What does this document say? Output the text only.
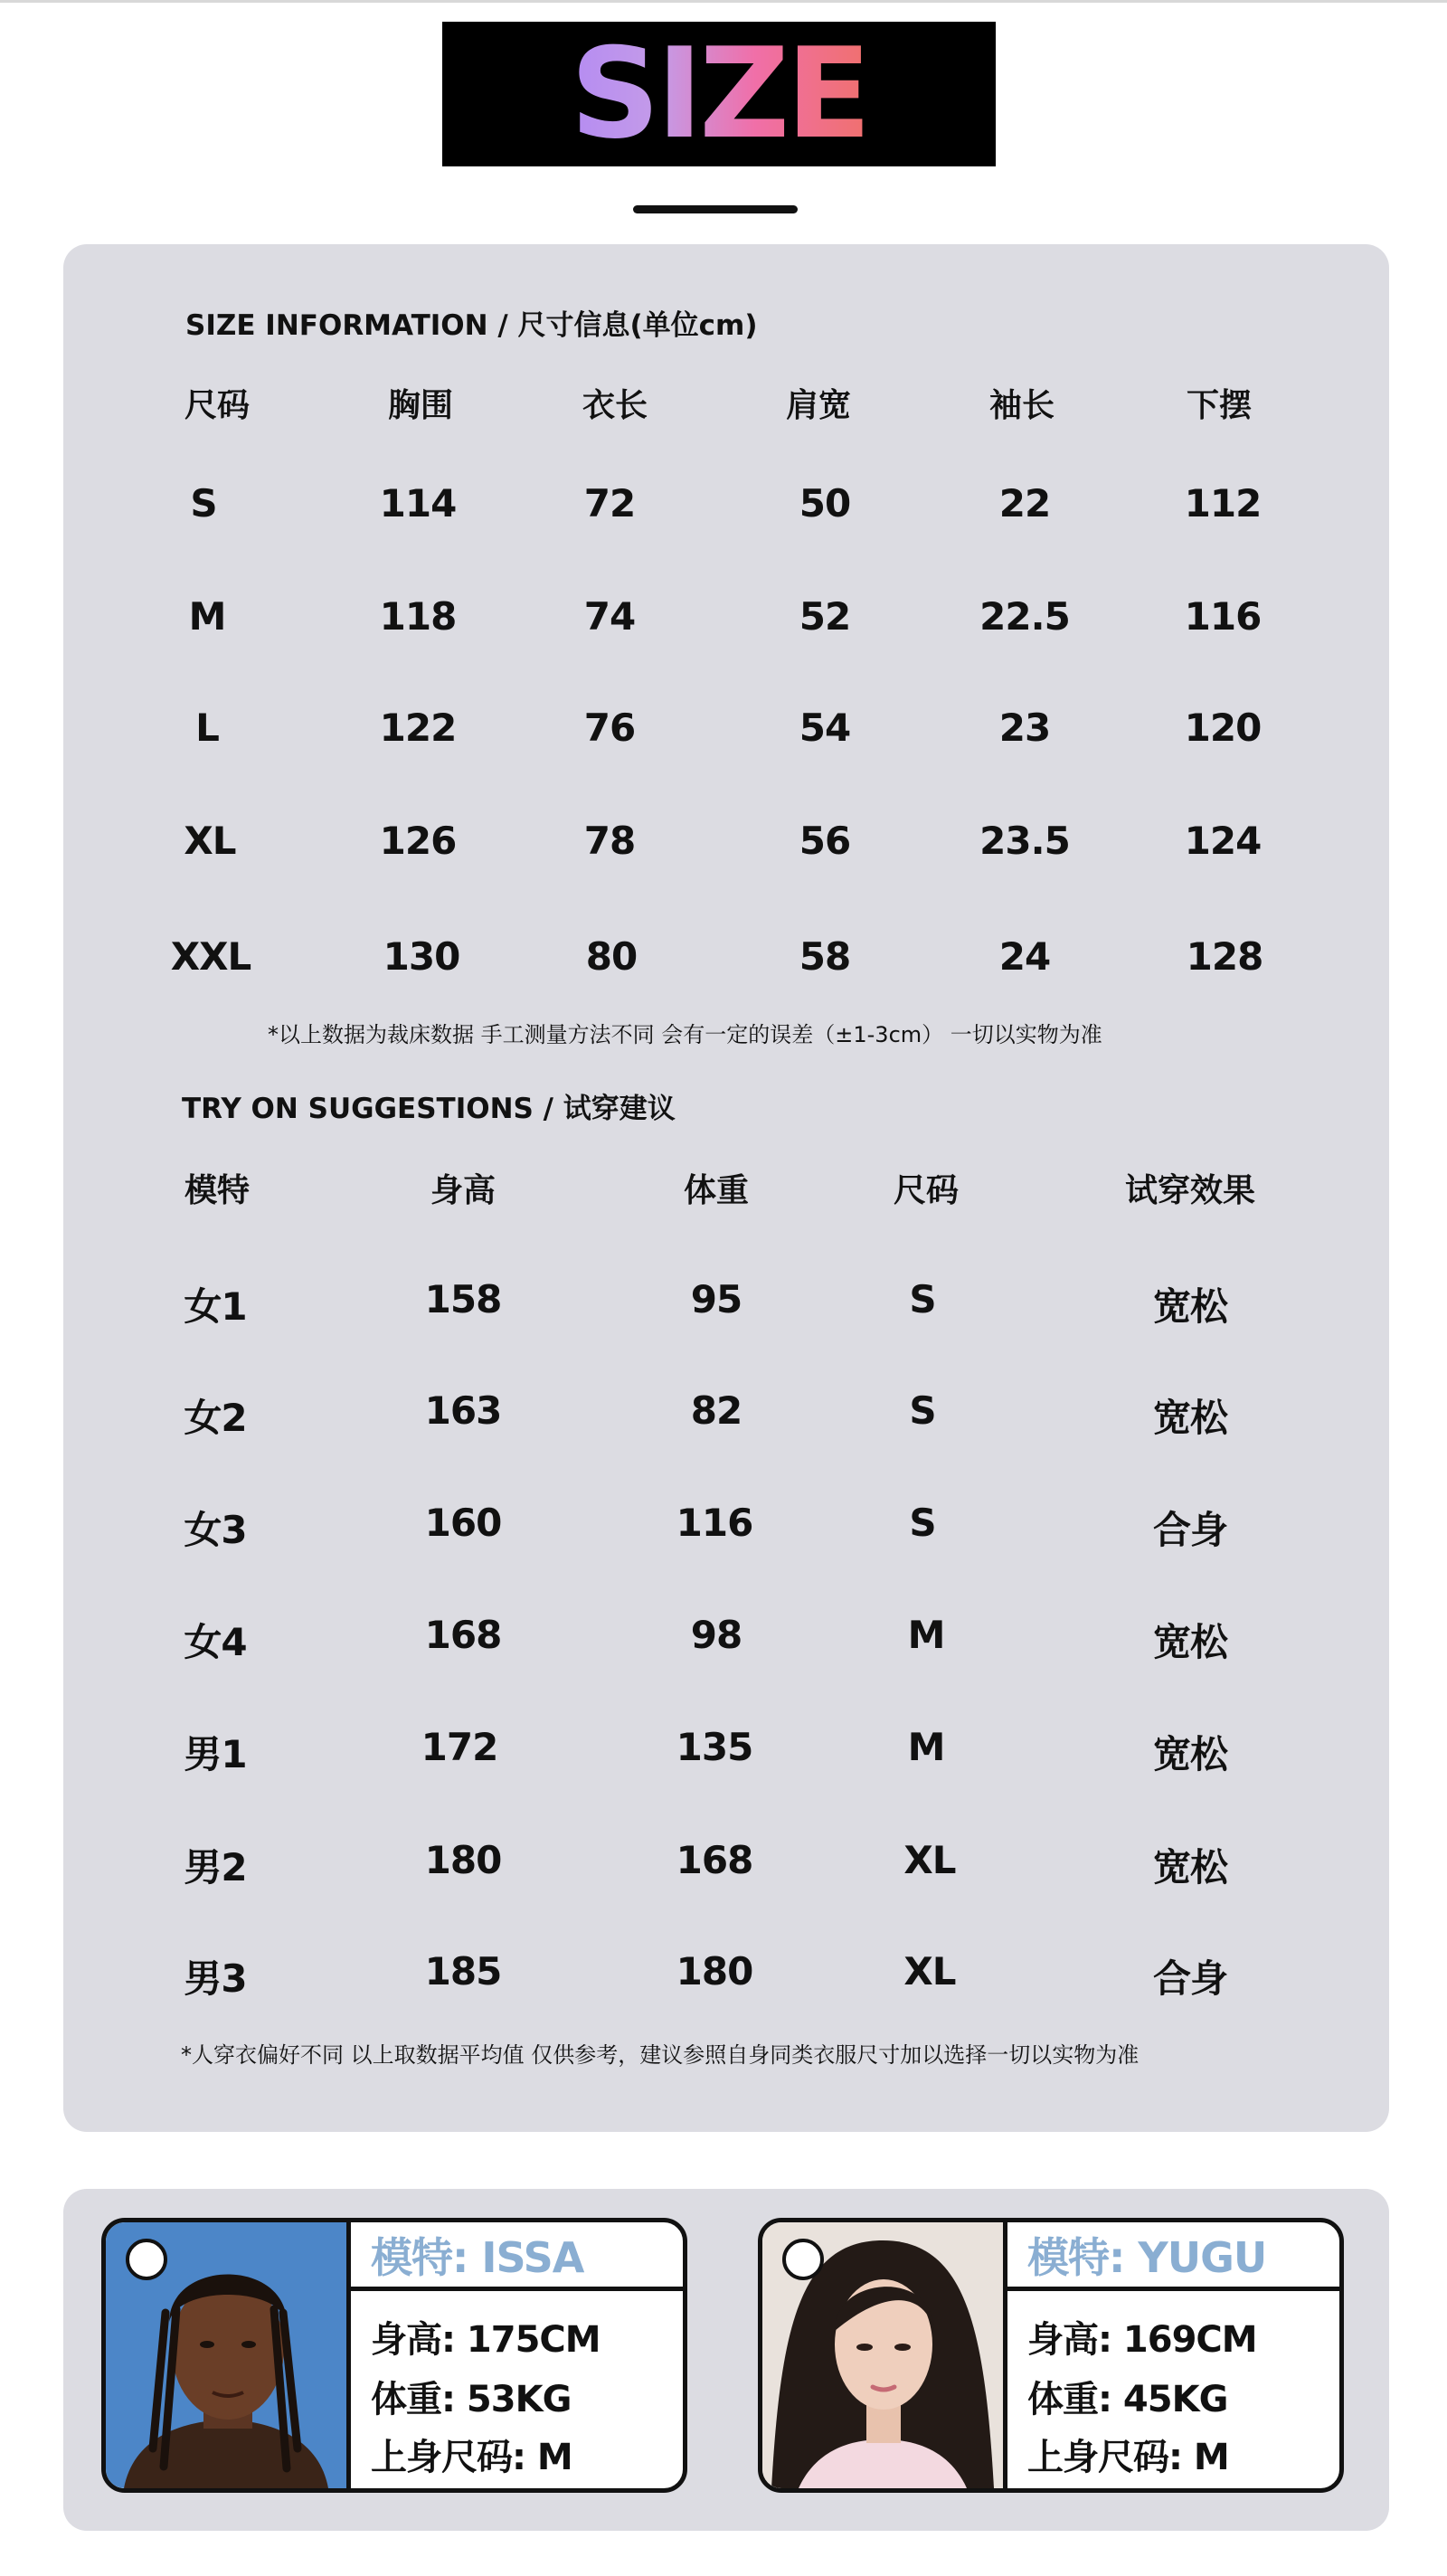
SIZE
SIZE INFORMATION / 尺寸信息(单位cm)
尺码	胸围	衣长	肩宽	袖长	下摆
S	114	72	50	22	112
M	118	74	52	22.5	116
L	122	76	54	23	120
XL	126	78	56	23.5	124
XXL	130	80	58	24	128
*以上数据为裁床数据 手工测量方法不同 会有一定的误差（±1-3cm） 一切以实物为准
TRY ON SUGGESTIONS / 试穿建议
模特	身高	体重	尺码	试穿效果
女1	158	95	S	宽松
女2	163	82	S	宽松
女3	160	116	S	合身
女4	168	98	M	宽松
男1	172	135	M	宽松
男2	180	168	XL	宽松
男3	185	180	XL	合身
*人穿衣偏好不同 以上取数据平均值 仅供参考，建议参照自身同类衣服尺寸加以选择一切以实物为准
模特: ISSA
身高: 175CM
体重: 53KG
上身尺码: M
模特: YUGU
身高: 169CM
体重: 45KG
上身尺码: M
